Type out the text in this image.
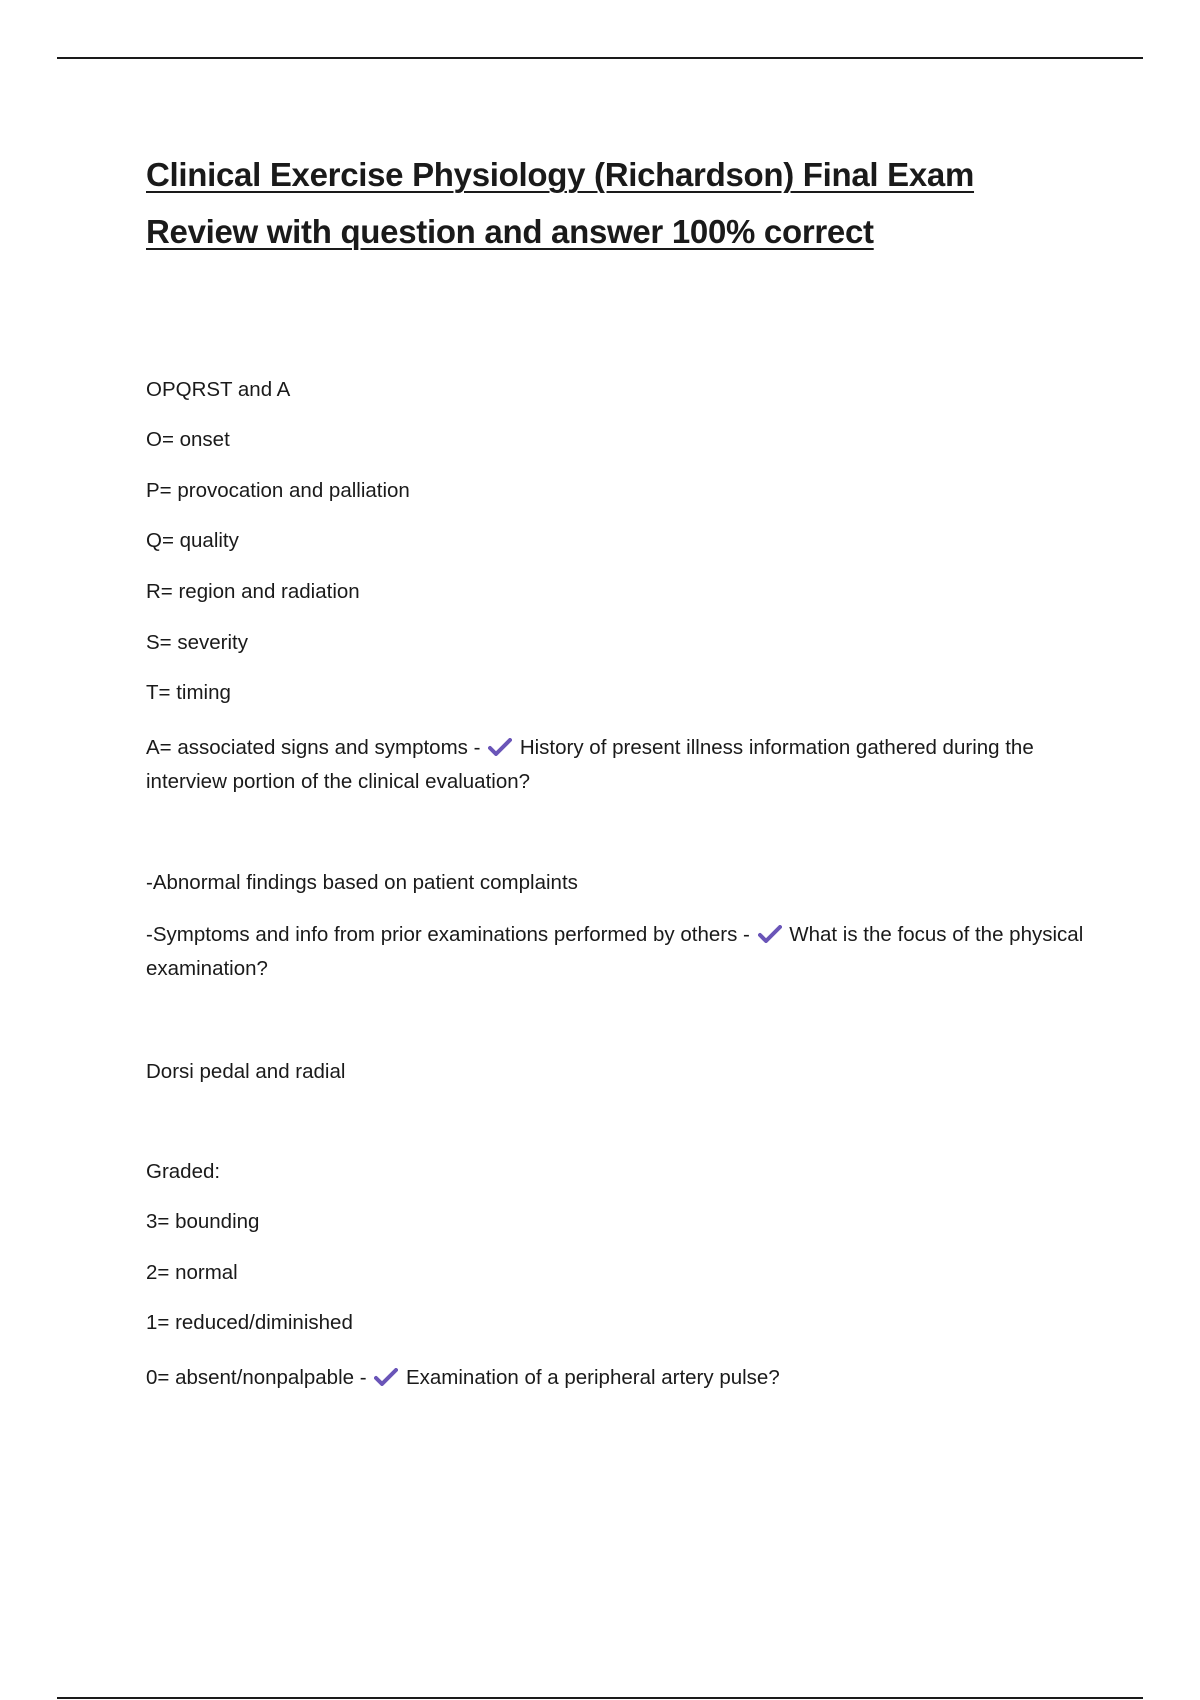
Clinical Exercise Physiology (Richardson) Final Exam Review with question and answer 100% correct

OPQRST and A

O= onset

P= provocation and palliation

Q= quality

R= region and radiation

S= severity

T= timing

A= associated signs and symptoms - History of present illness information gathered during the interview portion of the clinical evaluation?

-Abnormal findings based on patient complaints

-Symptoms and info from prior examinations performed by others - What is the focus of the physical examination?

Dorsi pedal and radial

Graded:

3= bounding

2= normal

1= reduced/diminished

0= absent/nonpalpable - Examination of a peripheral artery pulse?
